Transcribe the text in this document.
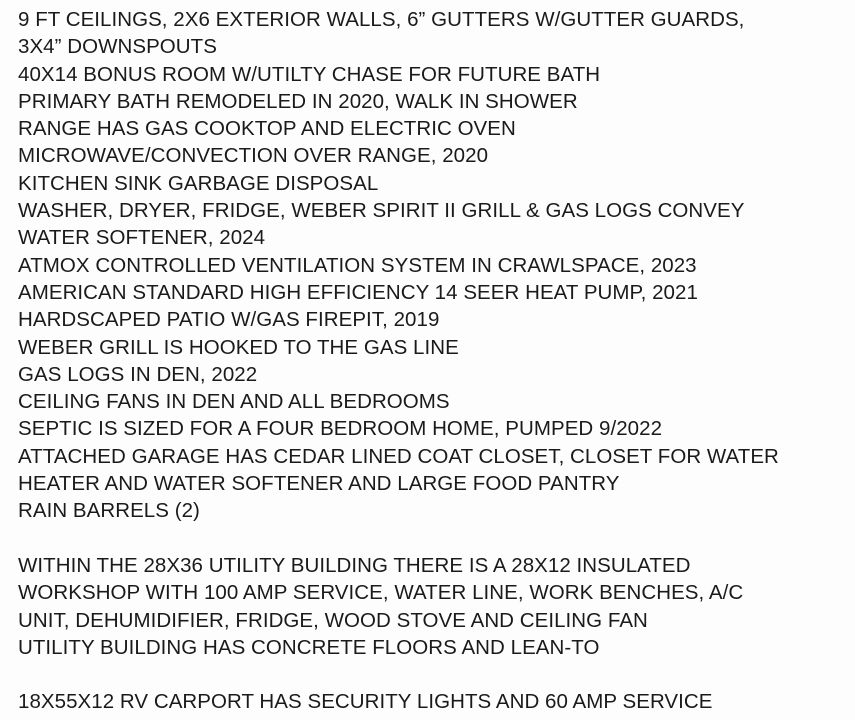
9 FT CEILINGS, 2X6 EXTERIOR WALLS, 6” GUTTERS W/GUTTER GUARDS,
3X4” DOWNSPOUTS
40X14 BONUS ROOM W/UTILTY CHASE FOR FUTURE BATH
PRIMARY BATH REMODELED IN 2020, WALK IN SHOWER
RANGE HAS GAS COOKTOP AND ELECTRIC OVEN
MICROWAVE/CONVECTION OVER RANGE, 2020
KITCHEN SINK GARBAGE DISPOSAL
WASHER, DRYER, FRIDGE, WEBER SPIRIT II GRILL & GAS LOGS CONVEY
WATER SOFTENER, 2024
ATMOX CONTROLLED VENTILATION SYSTEM IN CRAWLSPACE, 2023
AMERICAN STANDARD HIGH EFFICIENCY 14 SEER HEAT PUMP, 2021
HARDSCAPED PATIO W/GAS FIREPIT, 2019
WEBER GRILL IS HOOKED TO THE GAS LINE
GAS LOGS IN DEN, 2022
CEILING FANS IN DEN AND ALL BEDROOMS
SEPTIC IS SIZED FOR A FOUR BEDROOM HOME, PUMPED 9/2022
ATTACHED GARAGE HAS CEDAR LINED COAT CLOSET, CLOSET FOR WATER
HEATER AND WATER SOFTENER AND LARGE FOOD PANTRY
RAIN BARRELS (2)
WITHIN THE 28X36 UTILITY BUILDING THERE IS A 28X12 INSULATED
WORKSHOP WITH 100 AMP SERVICE, WATER LINE, WORK BENCHES, A/C
UNIT, DEHUMIDIFIER, FRIDGE, WOOD STOVE AND CEILING FAN
UTILITY BUILDING HAS CONCRETE FLOORS AND LEAN-TO
18X55X12 RV CARPORT HAS SECURITY LIGHTS AND 60 AMP SERVICE
